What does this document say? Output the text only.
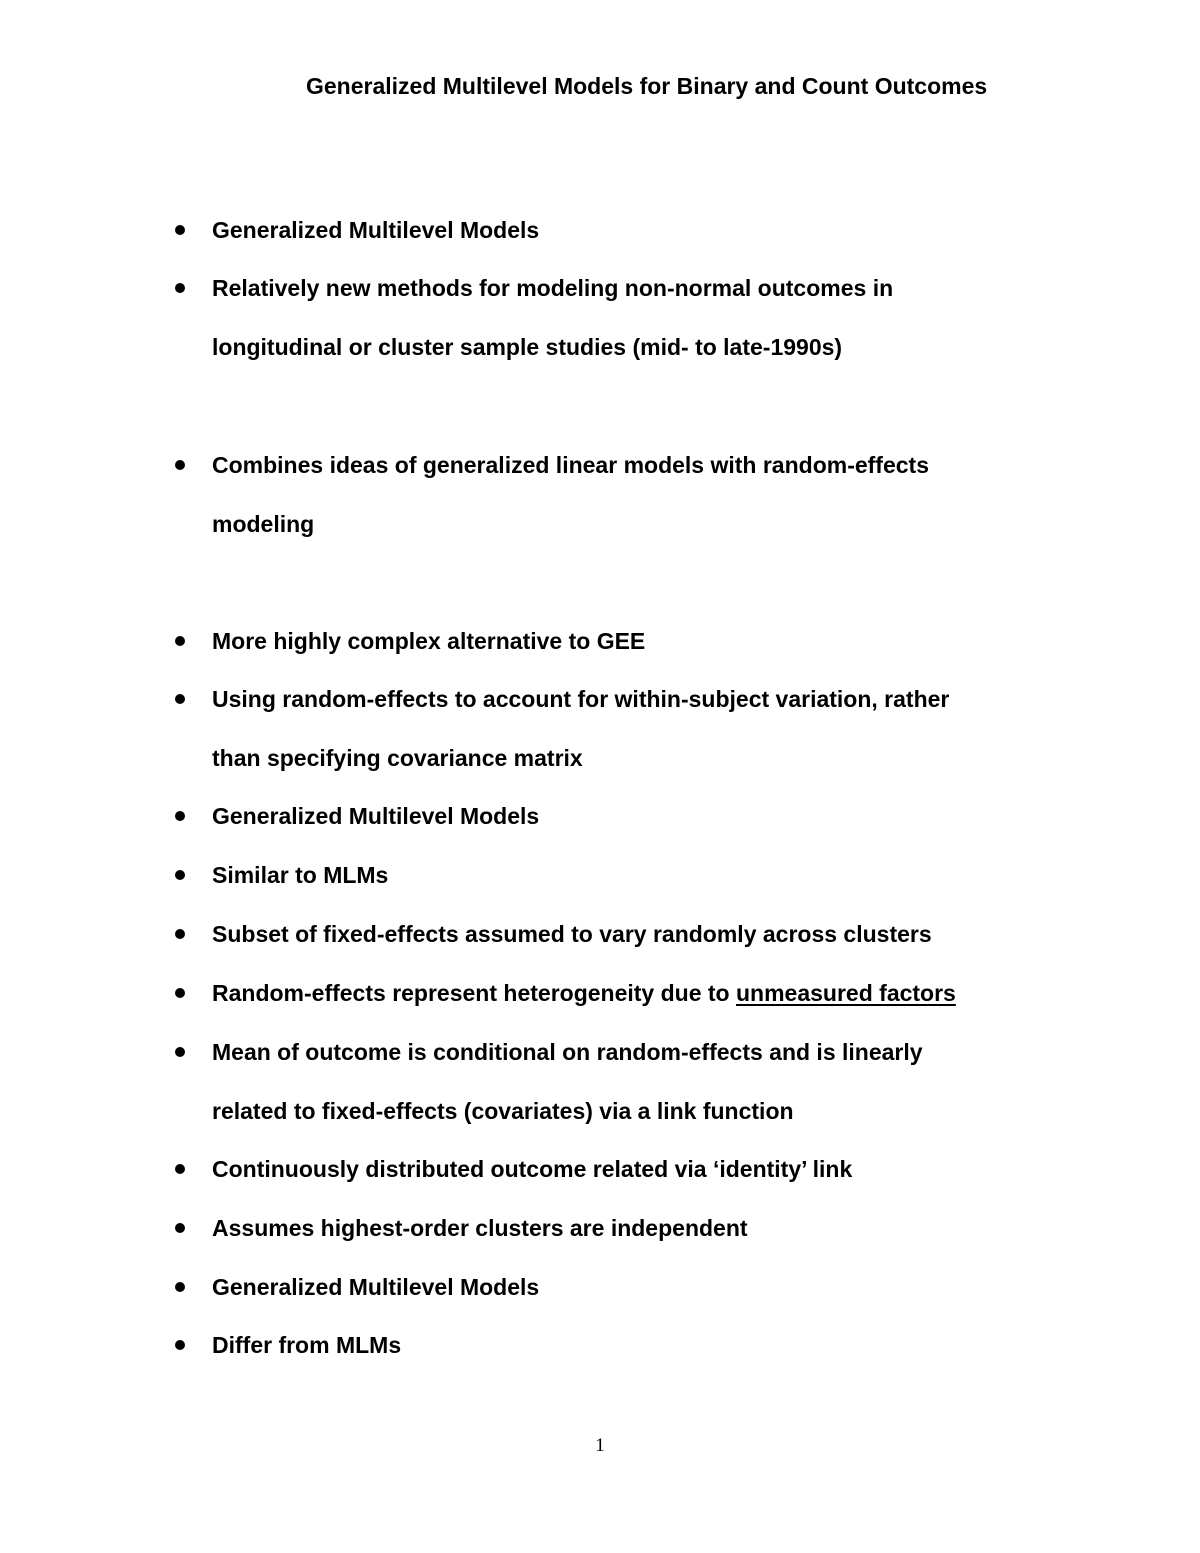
Generalized Multilevel Models for Binary and Count Outcomes
Generalized Multilevel Models
Relatively new methods for modeling non-normal outcomes in
longitudinal or cluster sample studies (mid- to late-1990s)
Combines ideas of generalized linear models with random-effects
modeling
More highly complex alternative to GEE
Using random-effects to account for within-subject variation, rather
than specifying covariance matrix
Generalized Multilevel Models
Similar to MLMs
Subset of fixed-effects assumed to vary randomly across clusters
Random-effects represent heterogeneity due to unmeasured factors
Mean of outcome is conditional on random-effects and is linearly
related to fixed-effects (covariates) via a link function
Continuously distributed outcome related via ‘identity’ link
Assumes highest-order clusters are independent
Generalized Multilevel Models
Differ from MLMs
1
